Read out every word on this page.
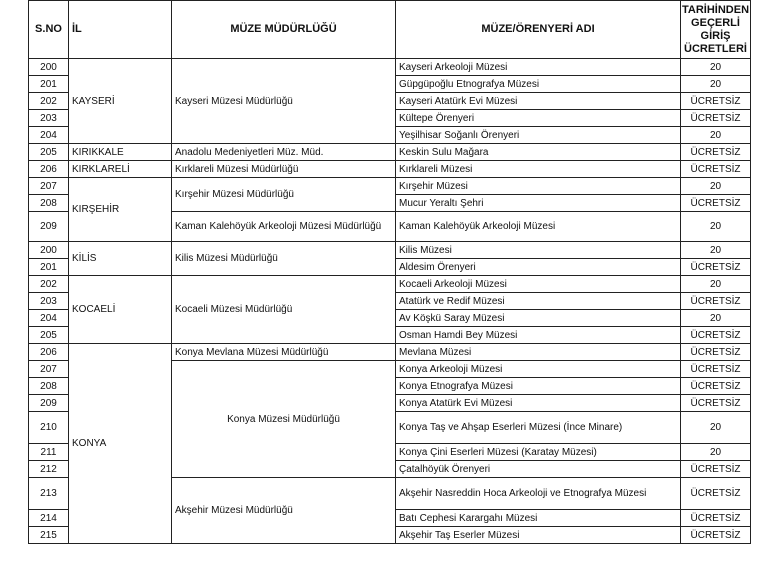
S.NO	İL	MÜZE MÜDÜRLÜĞÜ	MÜZE/ÖRENYERİ ADI	TARİHİNDEN GEÇERLİ GİRİŞ ÜCRETLERİ
200	KAYSERİ	Kayseri Müzesi Müdürlüğü	Kayseri Arkeoloji Müzesi	20
201			Güpgüpoğlu Etnografya Müzesi	20
202			Kayseri Atatürk Evi Müzesi	ÜCRETSİZ
203			Kültepe Örenyeri	ÜCRETSİZ
204			Yeşilhisar Soğanlı Örenyeri	20
205	KIRIKKALE	Anadolu Medeniyetleri Müz. Müd.	Keskin Sulu Mağara	ÜCRETSİZ
206	KIRKLARELİ	Kırklareli Müzesi Müdürlüğü	Kırklareli Müzesi	ÜCRETSİZ
207	KIRŞEHİR	Kırşehir Müzesi Müdürlüğü	Kırşehir Müzesi	20
208			Mucur Yeraltı Şehri	ÜCRETSİZ
209		Kaman Kalehöyük Arkeoloji Müzesi Müdürlüğü	Kaman Kalehöyük Arkeoloji Müzesi	20
200	KİLİS	Kilis Müzesi Müdürlüğü	Kilis Müzesi	20
201			Aldesim Örenyeri	ÜCRETSİZ
202	KOCAELİ	Kocaeli Müzesi Müdürlüğü	Kocaeli Arkeoloji Müzesi	20
203			Atatürk ve Redif Müzesi	ÜCRETSİZ
204			Av Köşkü Saray Müzesi	20
205			Osman Hamdi Bey Müzesi	ÜCRETSİZ
206	KONYA	Konya Mevlana Müzesi Müdürlüğü	Mevlana Müzesi	ÜCRETSİZ
207		Konya Müzesi Müdürlüğü	Konya Arkeoloji Müzesi	ÜCRETSİZ
208			Konya Etnografya Müzesi	ÜCRETSİZ
209			Konya Atatürk Evi Müzesi	ÜCRETSİZ
210			Konya Taş ve Ahşap Eserleri Müzesi (İnce Minare)	20
211			Konya Çini Eserleri Müzesi (Karatay Müzesi)	20
212			Çatalhöyük Örenyeri	ÜCRETSİZ
213		Akşehir Müzesi Müdürlüğü	Akşehir Nasreddin Hoca Arkeoloji ve Etnografya Müzesi	ÜCRETSİZ
214			Batı Cephesi Karargahı Müzesi	ÜCRETSİZ
215			Akşehir Taş Eserler Müzesi	ÜCRETSİZ
